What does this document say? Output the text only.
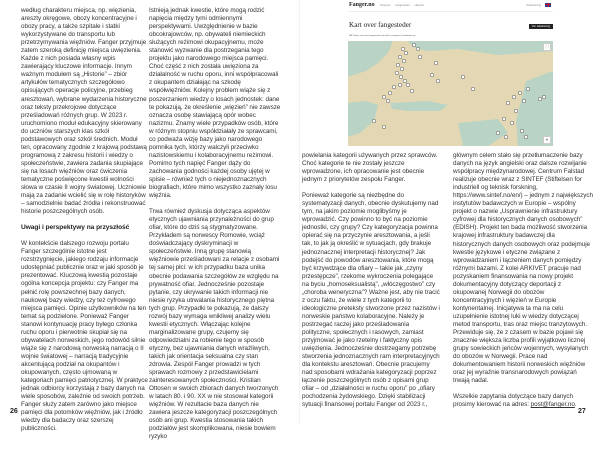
według charakteru miejsca, np. więzienia, areszty okręgowe, obozy koncentracyjne i obozy pracy, a także szpitale i statki wykorzystywane do transportu lub przetrzymywania więźniów. Fanger przyjmuje zatem szeroką definicję miejsca uwięzienia. Każde z nich posiada własny wpis zawierający kluczowe informacje. Innym ważnym modułem są „Historie” – zbiór artykułów tematycznych szczegółowo opisujących operacje policyjne, przebieg aresztowań, wybrane wydarzenia historyczne oraz teksty przekrojowe dotyczące prześladowań różnych grup. W 2023 r. uruchomiono moduł edukacyjny skierowany do uczniów starszych klas szkół podstawowych oraz szkół średnich. Moduł ten, opracowany zgodnie z krajową podstawą programową z zakresu historii i wiedzy o społeczeństwie, zawiera zadania skupiające się na losach więźniów oraz ćwiczenia tematyczne poświęcone kwestii wolności słowa w czasie II wojny światowej. Uczniowie mają za zadanie wcielić się w rolę historyków – samodzielnie badać źródła i rekonstruować historie poszczególnych osób.

Uwagi i perspektywy na przyszłość

W kontekście dalszego rozwoju portalu Fanger szczególnie istotne jest rozstrzygnięcie, jakiego rodzaju informacje udostępniać publicznie oraz w jaki sposób je prezentować. Kluczową kwestią pozostaje ogólna koncepcja projektu: czy Fanger ma pełnić rolę powszechnej bazy danych, naukowej bazy wiedzy, czy też cyfrowego miejsca pamięci. Opinie użytkowników na ten temat są podzielone. Ponieważ Fanger stanowi kontynuację pracy byłego członka ruchu oporu i pierwotnie skupiał się na obywatelach norweskich, jego rodowód silnie wiąże się z narodową norweską narracją o II wojnie światowej – narracją tradycyjnie akcentującą podział na okupantów i okupowanych, często ujmowaną w kategoriach pamięci patriotycznej. W praktyce jednak odbiorcy korzystają z bazy danych na wiele sposobów, zależnie od swoich potrzeb. Fanger służy zatem zarówno jako miejsce pamięci dla potomków więźniów, jak i źródło wiedzy dla badaczy oraz szerszej publiczności.

Istnieją jednak kwestie, które mogą rodzić napięcia między tymi odmiennymi perspektywami. Uwzględnienie w bazie obcokrajowców, np. obywateli niemieckich służących reżimowi okupacyjnemu, może stanowić wyzwanie dla postrzegania tego projektu jako narodowego miejsca pamięci. Choć część z nich została uwięziona za działalność w ruchu oporu, inni współpracowali z okupantem działając na szkodę współwięźniów. Kolejny problem wiąże się z poszerzaniem wiedzy o losach jednostek: dane te pokazują, że określenie „więzień” nie zawsze oznacza osobę stawiającą opór wobec nazizmu. Znamy wiele przypadków osób, które w różnym stopniu współdziałały ze sprawcami, co podważa wizję bazy jako narodowego pomnika tych, którzy walczyli przeciwko nazistowskiemu i kolaboracyjnemu reżimowi. Pomimo tych napięć Fanger dąży do zachowania godności każdej osoby ujętej w spisie – również tych o niejednoznacznych biografiach, które mimo wszystko zaznały losu więźnia.

Trwa również dyskusja dotycząca aspektów etycznych ujawniania przynależności do grup ofiar, które do dziś są stygmatyzowane. Przykładem są norwescy Romowie, wciąż doświadczający dyskryminacji w społeczeństwie. Inną grupę stanowią więźniowie prześladowani za relacje z osobami tej samej płci: w ich przypadku baza unika obecnie podawania szczegółów ze względu na prywatność ofiar. Jednocześnie pozostaje pytanie, czy ukrywanie takich informacji nie niesie ryzyka utrwalania historycznego piętna tych grup. Przypadki te pokazują, że dalszy rozwój bazy wymaga wnikliwej analizy wielu kwestii etycznych. Włączając kolejne marginalizowane grupy, czujemy się odpowiedzialni za robienie tego w sposób etyczny, bez ujawniania danych wrażliwych, takich jak orientacja seksualna czy stan zdrowia. Zespół Fanger prowadzi w tych sprawach rozmowy z przedstawicielami zainteresowanych społeczności. Kristian Ottosen w swoich zbiorach danych tworzonych w latach 80. i 90. XX w nie stosował kategorii więźniów. W rezultacie baza danych nie zawiera jeszcze kategoryzacji poszczególnych osób ani grup. Kwestia stosowania takich podziałów jest skomplikowana, niesie bowiem ryzyko

26
Fanger.no Personer Fangesteder Historier	Undervisning
Kart over fangesteder	Vis i tabellvisning
NB! Kartet viser kun fangesteder som det er registrert koordinater på
⛶
⌖

powielania kategorii używanych przez sprawców. Choć kategorie te nie zostały jeszcze wprowadzone, ich opracowanie jest obecnie jednym z priorytetów zespołu Fanger.

Ponieważ kategorie są niezbędne do systematyzacji danych, obecnie dyskutujemy nad tym, na jakim poziomie moglibyśmy je wprowadzić. Czy powinno to być na poziomie jednostki, czy grupy? Czy kategoryzacja powinna opierać się na przyczynie aresztowania, a jeśli tak, to jak ją określić w sytuacjach, gdy brakuje jednoznacznej interpretacji historycznej? Jak podejść do powodów aresztowania, które mogą być krzywdzące dla ofiary – takie jak „czyny przestępcze”, rzekome wykroczenia polegające na byciu „homoseksualistą”, „włóczęgostwo” czy „choroba weneryczna”? Ważne jest, aby nie tracić z oczu faktu, że wiele z tych kategorii to ideologiczne preteksty stworzone przez nazistów i norweskie państwo kolaboracyjne. Należy je postrzegać raczej jako prześladowania polityczne, społecznych i rasowych, zamiast przyjmować je jako rzetelny i faktyczny opis uwięzienia. Jednocześnie dostrzegamy potrzebę stworzenia jednoznacznych ram interpretacyjnych dla kontekstu aresztowań. Obecnie pracujemy nad sposobami wdrażania kategoryzacji poprzez łączenie poszczególnych osób z opisami grup ofiar – od „działalności w ruchu oporu” po „ofiary pochodzenia żydowskiego. Dzięki stabilizacji sytuacji finansowej portalu Fanger od 2023 r.,

głównym celem stało się przetłumaczenie bazy danych na język angielski oraz dalsze rozwijanie współpracy międzynarodowej. Centrum Falstad realizuje obecnie wraz z SINTEF (Stiftelsen for industriell og teknisk forskning, https://www.sintef.no/en/) – jednym z największych instytutów badawczych w Europie – wspólny projekt o nazwie „Usprawnienie infrastruktury cyfrowej dla historycznych danych osobowych” (EDISH). Projekt ten bada możliwość stworzenia krajowej infrastruktury badawczej dla historycznych danych osobowych oraz podejmuje kwestie językowe i etyczne związane z wprowadzaniem i łączeniem danych pomiędzy różnymi bazami. Z kolei ARKIVET pracuje nad pozyskaniem finansowania na nowy projekt dokumentacyjny dotyczący deportacji z okupowanej Norwegii do obozów koncentracyjnych i więzień w Europie kontynentalnej. Inicjatywa ta ma na celu uzupełnienie istotnej luki w wiedzy dotyczącej metod transportu, tras oraz miejsc tranzytowych. Przewiduje się, że z czasem w bazie pojawi się znacznie większa liczba profili wyjątkowo licznej grupy sowieckich jeńców wojennych, wysyłanych do obozów w Norwegii. Prace nad dokumentowaniem historii norweskich więźniów oraz jej wyraźnie transnarodowych powiązań trwają nadal.

Wszelkie zapytania dotyczące bazy danych prosimy kierować na adres: post@fanger.no.

27
